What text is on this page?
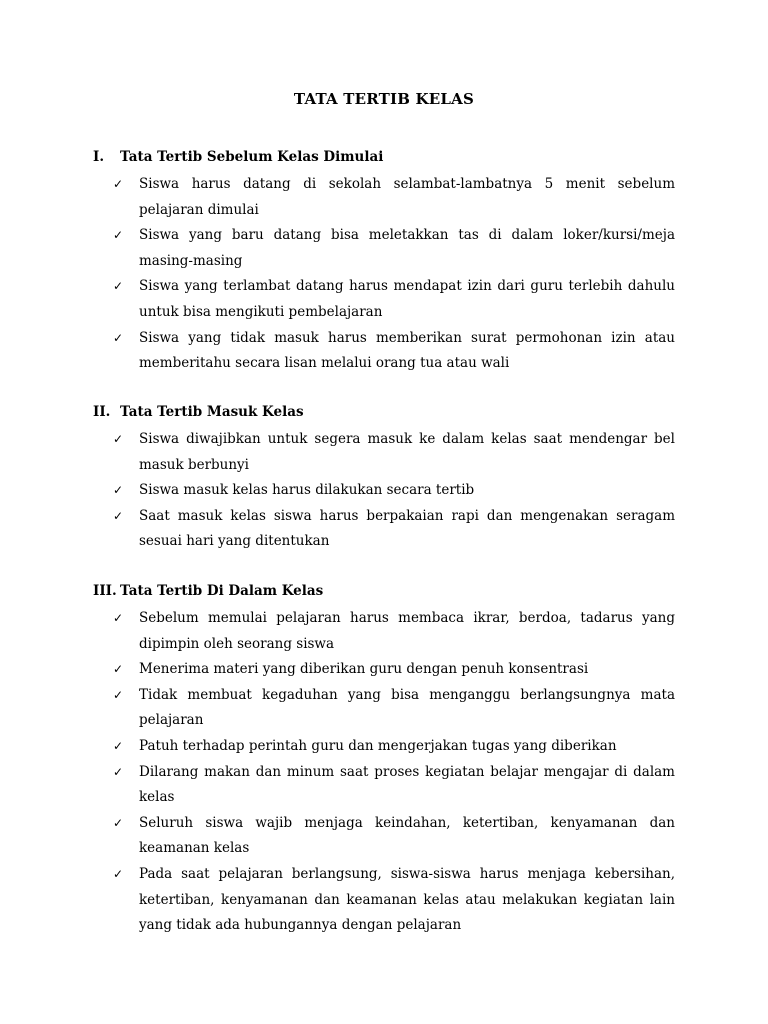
TATA TERTIB KELAS
I. Tata Tertib Sebelum Kelas Dimulai
✓ Siswa harus datang di sekolah selambat-lambatnya 5 menit sebelum pelajaran dimulai
✓ Siswa yang baru datang bisa meletakkan tas di dalam loker/kursi/meja masing-masing
✓ Siswa yang terlambat datang harus mendapat izin dari guru terlebih dahulu untuk bisa mengikuti pembelajaran
✓ Siswa yang tidak masuk harus memberikan surat permohonan izin atau memberitahu secara lisan melalui orang tua atau wali
II. Tata Tertib Masuk Kelas
✓ Siswa diwajibkan untuk segera masuk ke dalam kelas saat mendengar bel masuk berbunyi
✓ Siswa masuk kelas harus dilakukan secara tertib
✓ Saat masuk kelas siswa harus berpakaian rapi dan mengenakan seragam sesuai hari yang ditentukan
III. Tata Tertib Di Dalam Kelas
✓ Sebelum memulai pelajaran harus membaca ikrar, berdoa, tadarus yang dipimpin oleh seorang siswa
✓ Menerima materi yang diberikan guru dengan penuh konsentrasi
✓ Tidak membuat kegaduhan yang bisa menganggu berlangsungnya mata pelajaran
✓ Patuh terhadap perintah guru dan mengerjakan tugas yang diberikan
✓ Dilarang makan dan minum saat proses kegiatan belajar mengajar di dalam kelas
✓ Seluruh siswa wajib menjaga keindahan, ketertiban, kenyamanan dan keamanan kelas
✓ Pada saat pelajaran berlangsung, siswa-siswa harus menjaga kebersihan, ketertiban, kenyamanan dan keamanan kelas atau melakukan kegiatan lain yang tidak ada hubungannya dengan pelajaran
